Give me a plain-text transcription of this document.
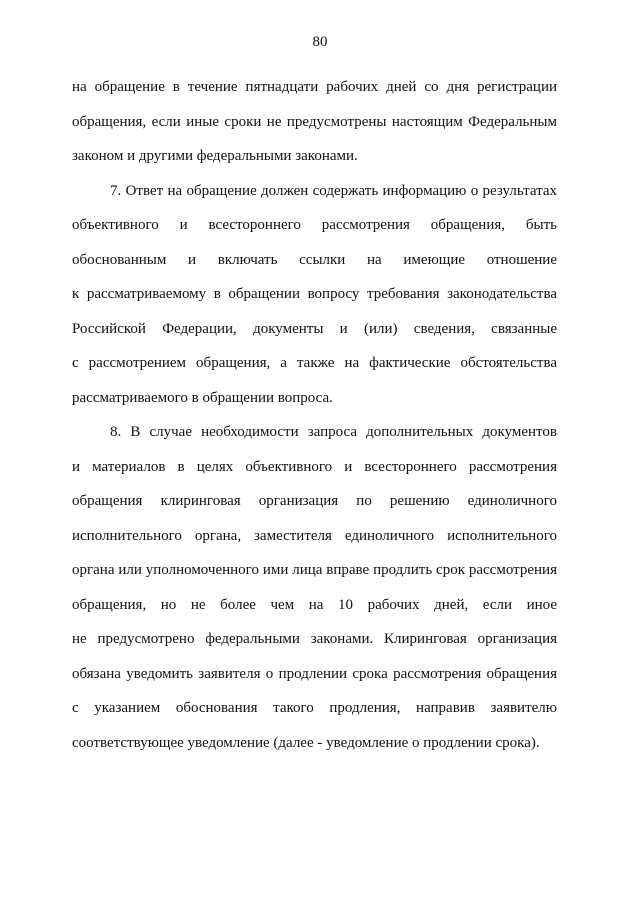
80
на обращение в течение пятнадцати рабочих дней со дня регистрации
обращения, если иные сроки не предусмотрены настоящим Федеральным
законом и другими федеральными законами.
7. Ответ на обращение должен содержать информацию о результатах
объективного и всестороннего рассмотрения обращения, быть
обоснованным и включать ссылки на имеющие отношение
к рассматриваемому в обращении вопросу требования законодательства
Российской Федерации, документы и (или) сведения, связанные
с рассмотрением обращения, а также на фактические обстоятельства
рассматриваемого в обращении вопроса.
8. В случае необходимости запроса дополнительных документов
и материалов в целях объективного и всестороннего рассмотрения
обращения клиринговая организация по решению единоличного
исполнительного органа, заместителя единоличного исполнительного
органа или уполномоченного ими лица вправе продлить срок рассмотрения
обращения, но не более чем на 10 рабочих дней, если иное
не предусмотрено федеральными законами. Клиринговая организация
обязана уведомить заявителя о продлении срока рассмотрения обращения
с указанием обоснования такого продления, направив заявителю
соответствующее уведомление (далее - уведомление о продлении срока).
